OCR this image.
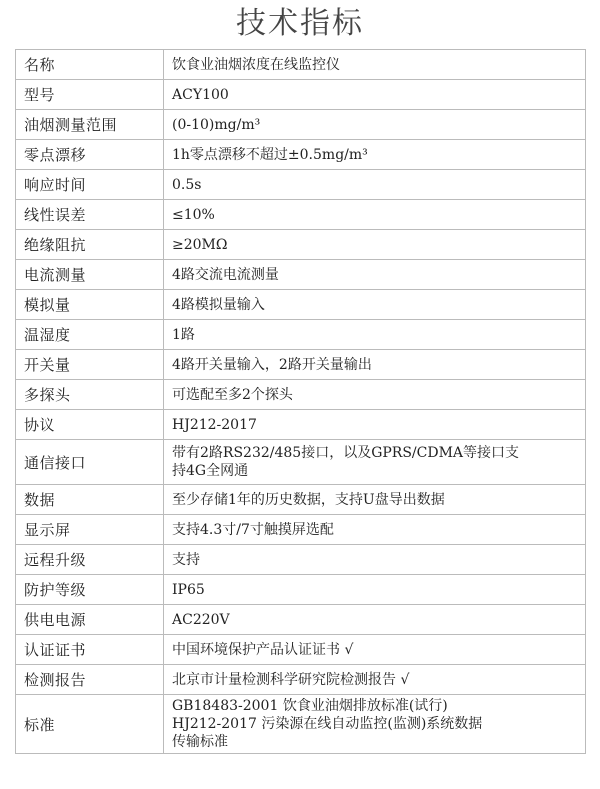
技术指标
名称	饮食业油烟浓度在线监控仪

型号	ACY100

油烟测量范围	(0-10)mg/m³

零点漂移	1h零点漂移不超过±0.5mg/m³

响应时间	0.5s

线性误差	≤10%

绝缘阻抗	≥20MΩ

电流测量	4路交流电流测量

模拟量	4路模拟量输入

温湿度	1路

开关量	4路开关量输入，2路开关量输出

多探头	可选配至多2个探头

协议	HJ212-2017

通信接口	带有2路RS232/485接口，以及GPRS/CDMA等接口支
持4G全网通

数据	至少存储1年的历史数据，支持U盘导出数据

显示屏	支持4.3寸/7寸触摸屏选配

远程升级	支持

防护等级	IP65

供电电源	AC220V

认证证书	中国环境保护产品认证证书 √

检测报告	北京市计量检测科学研究院检测报告 √

标准	GB18483-2001 饮食业油烟排放标准(试行)
HJ212-2017 污染源在线自动监控(监测)系统数据
传输标准
